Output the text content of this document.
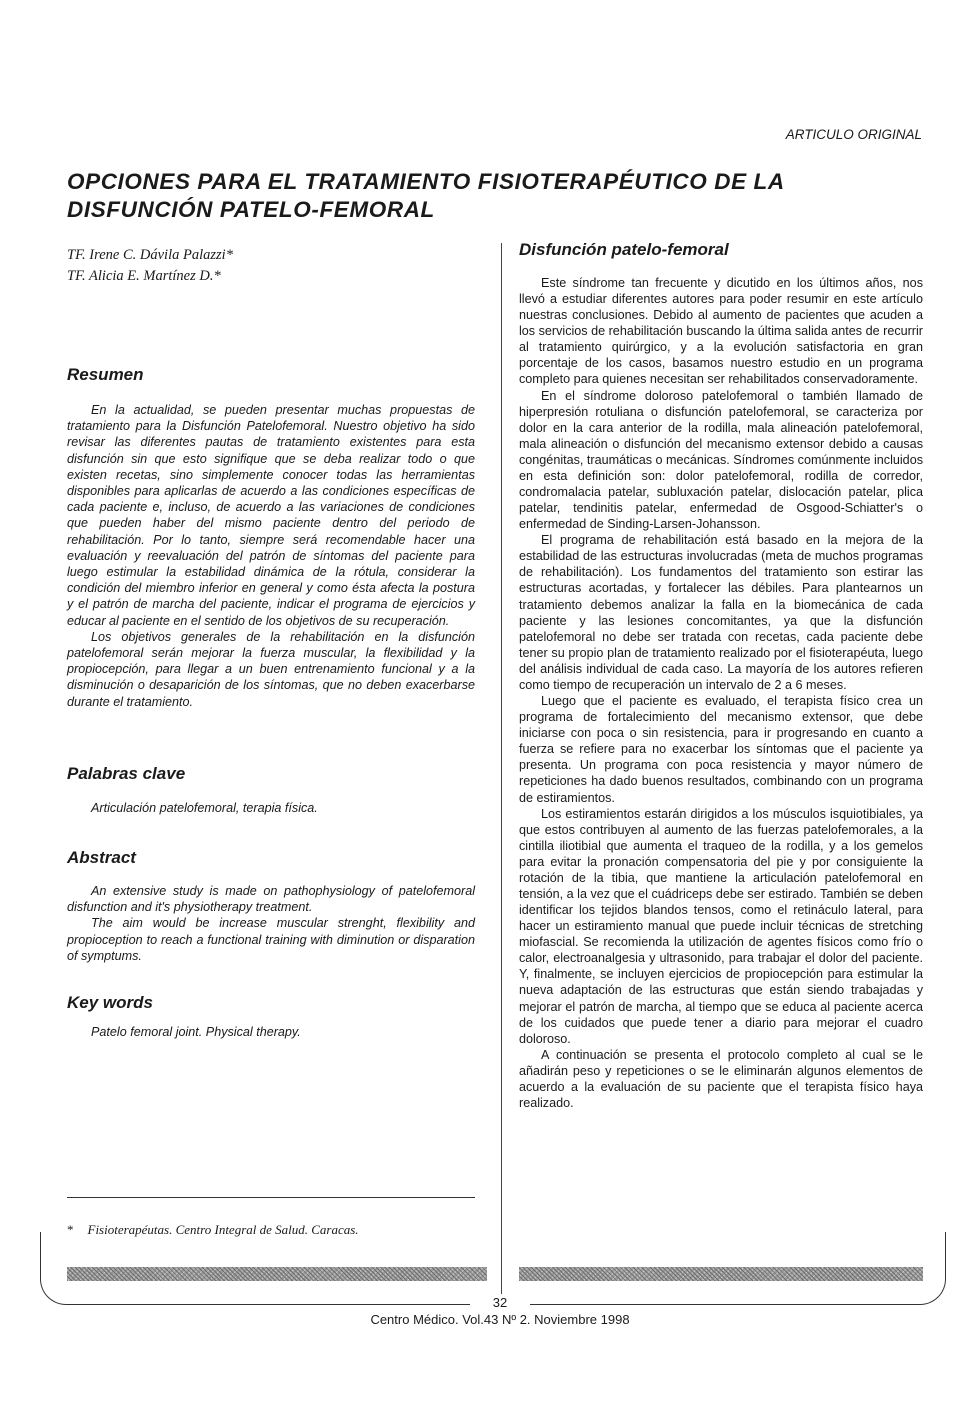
ARTICULO ORIGINAL
OPCIONES PARA EL TRATAMIENTO FISIOTERAPÉUTICO DE LA DISFUNCIÓN PATELO-FEMORAL
TF. Irene C. Dávila Palazzi*
TF. Alicia E. Martínez D.*
Resumen

En la actualidad, se pueden presentar muchas propuestas de tratamiento para la Disfunción Patelofemoral. Nuestro objetivo ha sido revisar las diferentes pautas de tratamiento existentes para esta disfunción sin que esto signifique que se deba realizar todo o que existen recetas, sino simplemente conocer todas las herramientas disponibles para aplicarlas de acuerdo a las condiciones específicas de cada paciente e, incluso, de acuerdo a las variaciones de condiciones que pueden haber del mismo paciente dentro del periodo de rehabilitación. Por lo tanto, siempre será recomendable hacer una evaluación y reevaluación del patrón de síntomas del paciente para luego estimular la estabilidad dinámica de la rótula, considerar la condición del miembro inferior en general y como ésta afecta la postura y el patrón de marcha del paciente, indicar el programa de ejercicios y educar al paciente en el sentido de los objetivos de su recuperación.

Los objetivos generales de la rehabilitación en la disfunción patelofemoral serán mejorar la fuerza muscular, la flexibilidad y la propiocepción, para llegar a un buen entrenamiento funcional y a la disminución o desaparición de los síntomas, que no deben exacerbarse durante el tratamiento.

Palabras clave

Articulación patelofemoral, terapia física.

Abstract

An extensive study is made on pathophysiology of patelofemoral disfunction and it's physiotherapy treatment.

The aim would be increase muscular strenght, flexibility and propioception to reach a functional training with diminution or disparation of symptums.

Key words

Patelo femoral joint. Physical therapy.

Disfunción patelo-femoral

Este síndrome tan frecuente y dicutido en los últimos años, nos llevó a estudiar diferentes autores para poder resumir en este artículo nuestras conclusiones. Debido al aumento de pacientes que acuden a los servicios de rehabilitación buscando la última salida antes de recurrir al tratamiento quirúrgico, y a la evolución satisfactoria en gran porcentaje de los casos, basamos nuestro estudio en un programa completo para quienes necesitan ser rehabilitados conservadoramente.

En el síndrome doloroso patelofemoral o también llamado de hiperpresión rotuliana o disfunción patelofemoral, se caracteriza por dolor en la cara anterior de la rodilla, mala alineación patelofemoral, mala alineación o disfunción del mecanismo extensor debido a causas congénitas, traumáticas o mecánicas. Síndromes comúnmente incluidos en esta definición son: dolor patelofemoral, rodilla de corredor, condromalacia patelar, subluxación patelar, dislocación patelar, plica patelar, tendinitis patelar, enfermedad de Osgood-Schiatter's o enfermedad de Sinding-Larsen-Johansson.

El programa de rehabilitación está basado en la mejora de la estabilidad de las estructuras involucradas (meta de muchos programas de rehabilitación). Los fundamentos del tratamiento son estirar las estructuras acortadas, y fortalecer las débiles. Para plantearnos un tratamiento debemos analizar la falla en la biomecánica de cada paciente y las lesiones concomitantes, ya que la disfunción patelofemoral no debe ser tratada con recetas, cada paciente debe tener su propio plan de tratamiento realizado por el fisioterapéuta, luego del análisis individual de cada caso. La mayoría de los autores refieren como tiempo de recuperación un intervalo de 2 a 6 meses.

Luego que el paciente es evaluado, el terapista físico crea un programa de fortalecimiento del mecanismo extensor, que debe iniciarse con poca o sin resistencia, para ir progresando en cuanto a fuerza se refiere para no exacerbar los síntomas que el paciente ya presenta. Un programa con poca resistencia y mayor número de repeticiones ha dado buenos resultados, combinando con un programa de estiramientos.

Los estiramientos estarán dirigidos a los músculos isquiotibiales, ya que estos contribuyen al aumento de las fuerzas patelofemorales, a la cintilla iliotibial que aumenta el traqueo de la rodilla, y a los gemelos para evitar la pronación compensatoria del pie y por consiguiente la rotación de la tibia, que mantiene la articulación patelofemoral en tensión, a la vez que el cuádriceps debe ser estirado. También se deben identificar los tejidos blandos tensos, como el retináculo lateral, para hacer un estiramiento manual que puede incluir técnicas de stretching miofascial. Se recomienda la utilización de agentes físicos como frío o calor, electroanalgesia y ultrasonido, para trabajar el dolor del paciente. Y, finalmente, se incluyen ejercicios de propiocepción para estimular la nueva adaptación de las estructuras que están siendo trabajadas y mejorar el patrón de marcha, al tiempo que se educa al paciente acerca de los cuidados que puede tener a diario para mejorar el cuadro doloroso.

A continuación se presenta el protocolo completo al cual se le añadirán peso y repeticiones o se le eliminarán algunos elementos de acuerdo a la evaluación de su paciente que el terapista físico haya realizado.

* Fisioterapéutas. Centro Integral de Salud. Caracas.
32
Centro Médico. Vol.43 Nº 2. Noviembre 1998
